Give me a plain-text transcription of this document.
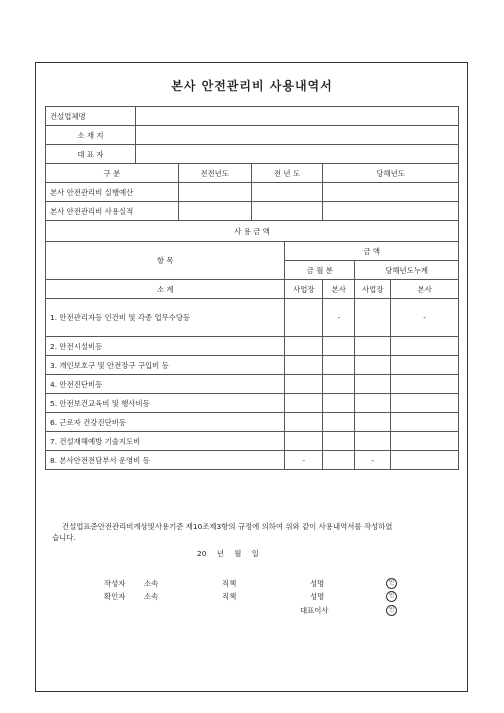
본사 안전관리비 사용내역서
건설업체명							
소 재 지							
대 표 자							
구 분		전전년도	전 년 도		당해년도		
본사 안전관리비 실행예산							
본사 안전관리비 사용실적							
사 용 금 액							
항 목				금 액			
				금 월 분		당해년도누계	
소 계				사업장	본사	사업장	본사
1. 안전관리자등 인건비 및 각종 업무수당등					-		-
2. 안전시설비등							
3. 개인보호구 및 안전장구 구입비 등							
4. 안전진단비등							
5. 안전보건교육비 및 행사비등							
6. 근로자 건강진단비등							
7. 건설재해예방 기술지도비							
8. 본사안전전담부서 운영비 등				-		-	
건설업표준안전관리비계상및사용기준 제10조제3항의 규정에 의하여 위와 같이 사용내역서를 작성하였
습니다.
20 년 월 일
작성자	소속	직책	성명	인
확인자	소속	직책	성명	인
대표이사	인
